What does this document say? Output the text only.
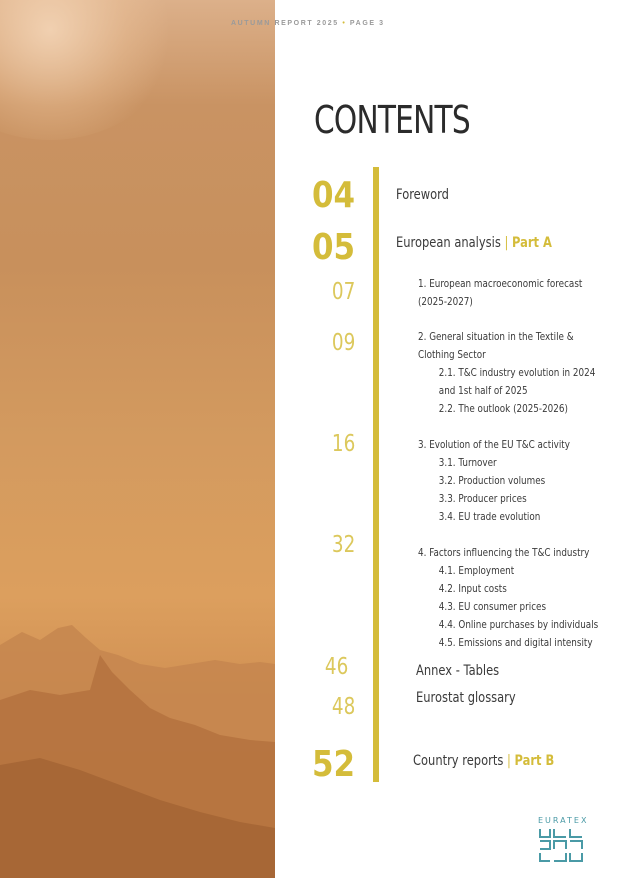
AUTUMN REPORT 2025 • PAGE 3
CONTENTS
04	Foreword
05	European analysis | Part A
07	1. European macroeconomic forecast
(2025-2027)
09	2. General situation in the Textile &
Clothing Sector
2.1. T&C industry evolution in 2024
and 1st half of 2025
2.2. The outlook (2025-2026)
16	3. Evolution of the EU T&C activity
3.1. Turnover
3.2. Production volumes
3.3. Producer prices
3.4. EU trade evolution
32	4. Factors influencing the T&C industry
4.1. Employment
4.2. Input costs
4.3. EU consumer prices
4.4. Online purchases by individuals
4.5. Emissions and digital intensity
46	Annex - Tables
48	Eurostat glossary
52	Country reports | Part B
EURATEX
